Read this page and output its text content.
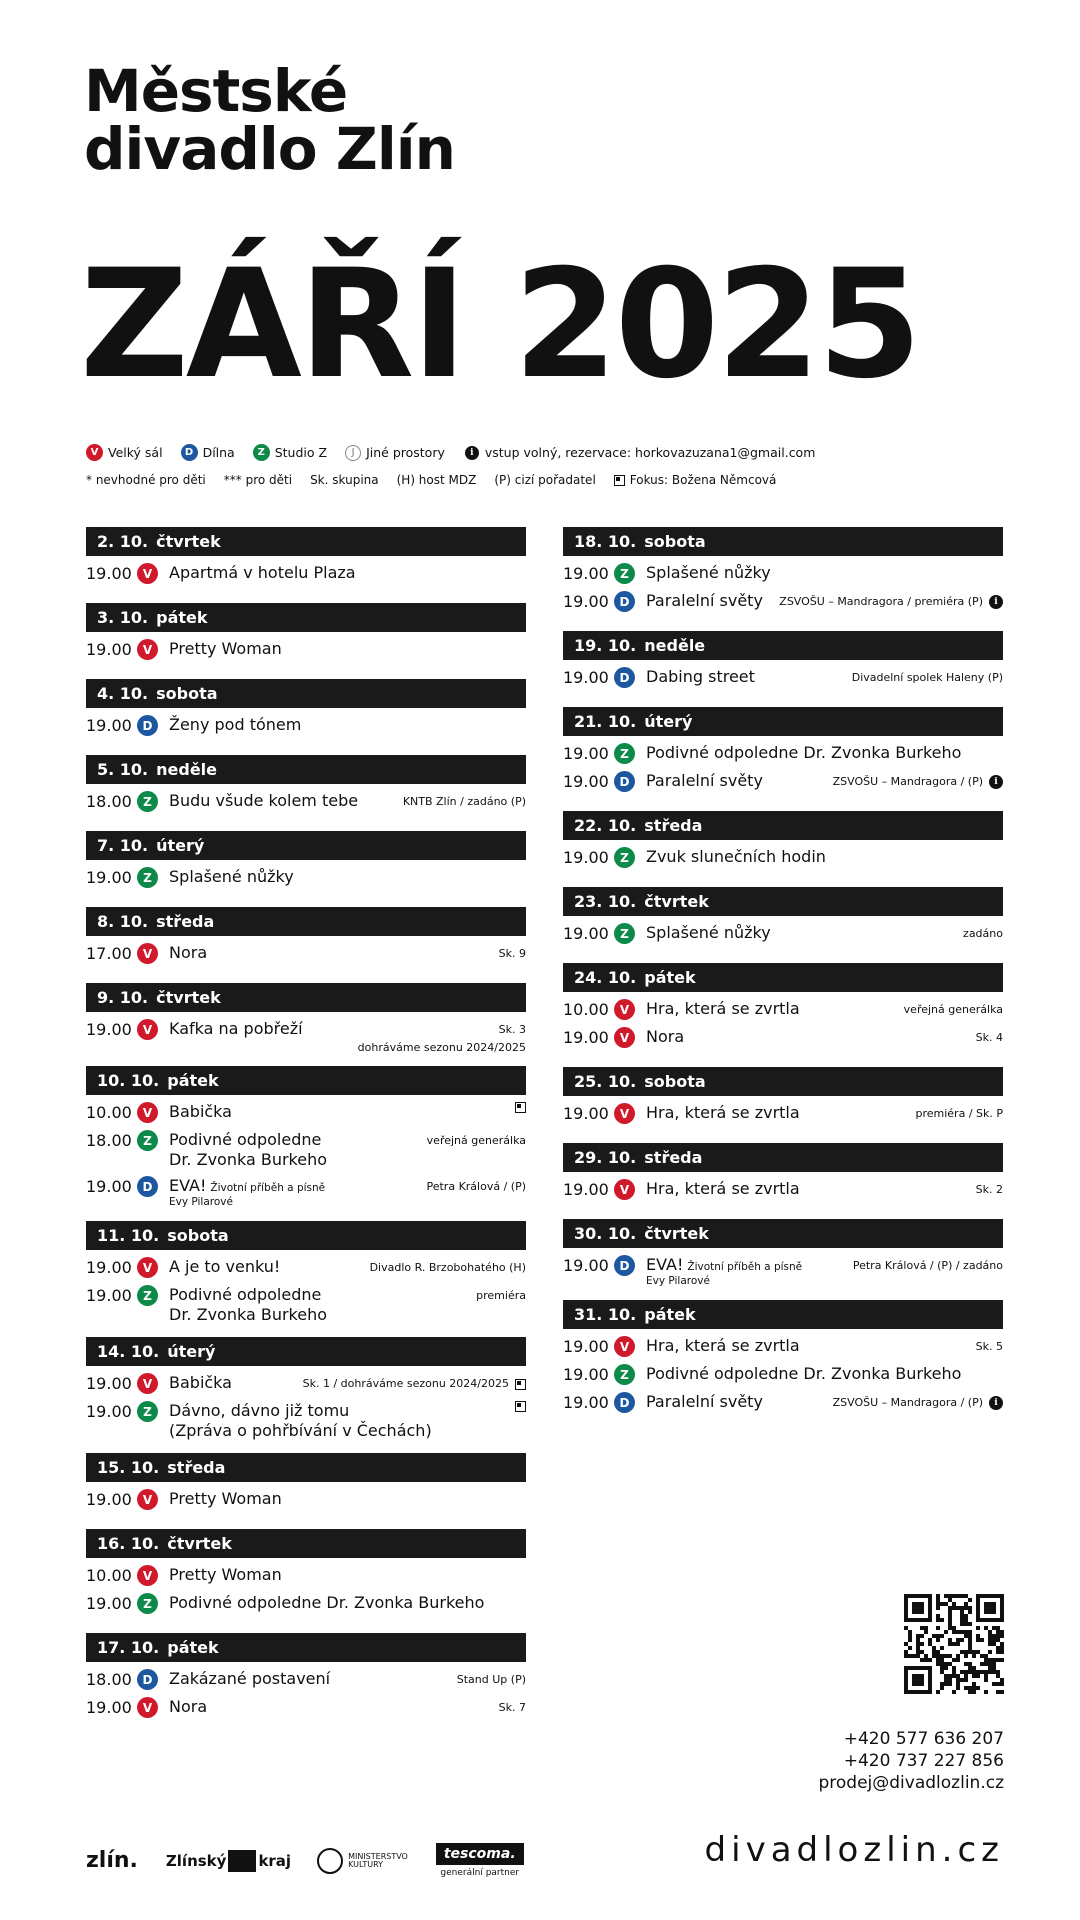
Městské
divadlo Zlín
ZÁŘÍ 2025
V Velký sál	D Dílna	Z Studio Z	J Jiné prostory	i vstup volný, rezervace: horkovazuzana1@gmail.com
* nevhodné pro děti *** pro děti Sk. skupina (H) host MDZ (P) cizí pořadatel	Fokus: Božena Němcová
2. 10. čtvrtek
19.00 V	Apartmá v hotelu Plaza
3. 10. pátek
19.00 V	Pretty Woman
4. 10. sobota
19.00 D	Ženy pod tónem
5. 10. neděle
18.00 Z	Budu všude kolem tebe	KNTB Zlín / zadáno (P)
7. 10. úterý
19.00 Z	Splašené nůžky
8. 10. středa
17.00 V	Nora	Sk. 9
9. 10. čtvrtek
19.00 V	Kafka na pobřeží	Sk. 3
dohráváme sezonu 2024/2025
10. 10. pátek
10.00 V	Babička
18.00 Z	Podivné odpoledne
Dr. Zvonka Burkeho
veřejná generálka
19.00 D	EVA! Životní příběh a písně
Evy Pilarové
Petra Králová / (P)
11. 10. sobota
19.00 V	A je to venku!	Divadlo R. Brzobohatého (H)
19.00 Z	Podivné odpoledne
Dr. Zvonka Burkeho
premiéra
14. 10. úterý
19.00 V	Babička	Sk. 1 / dohráváme sezonu 2024/2025
19.00 Z	Dávno, dávno již tomu
(Zpráva o pohřbívání v Čechách)
15. 10. středa
19.00 V	Pretty Woman
16. 10. čtvrtek
10.00 V	Pretty Woman
19.00 Z	Podivné odpoledne Dr. Zvonka Burkeho
17. 10. pátek
18.00 D	Zakázané postavení	Stand Up (P)
19.00 V	Nora	Sk. 7
18. 10. sobota
19.00 Z	Splašené nůžky
19.00 D	Paralelní světy	ZSVOŠU – Mandragora / premiéra (P)	i
19. 10. neděle
19.00 D	Dabing street	Divadelní spolek Haleny (P)
21. 10. úterý
19.00 Z	Podivné odpoledne Dr. Zvonka Burkeho
19.00 D	Paralelní světy	ZSVOŠU – Mandragora / (P)	i
22. 10. středa
19.00 Z	Zvuk slunečních hodin
23. 10. čtvrtek
19.00 Z	Splašené nůžky	zadáno
24. 10. pátek
10.00 V	Hra, která se zvrtla	veřejná generálka
19.00 V	Nora	Sk. 4
25. 10. sobota
19.00 V	Hra, která se zvrtla	premiéra / Sk. P
29. 10. středa
19.00 V	Hra, která se zvrtla	Sk. 2
30. 10. čtvrtek
19.00 D	EVA! Životní příběh a písně
Evy Pilarové
Petra Králová / (P) / zadáno
31. 10. pátek
19.00 V	Hra, která se zvrtla	Sk. 5
19.00 Z	Podivné odpoledne Dr. Zvonka Burkeho
19.00 D	Paralelní světy	ZSVOŠU – Mandragora / (P)	i
+420 577 636 207
+420 737 227 856
prodej@divadlozlin.cz
divadlozlin.cz
zlín. Zlínský kraj	MINISTERSTVO
KULTURY
tescoma.
generální partner
